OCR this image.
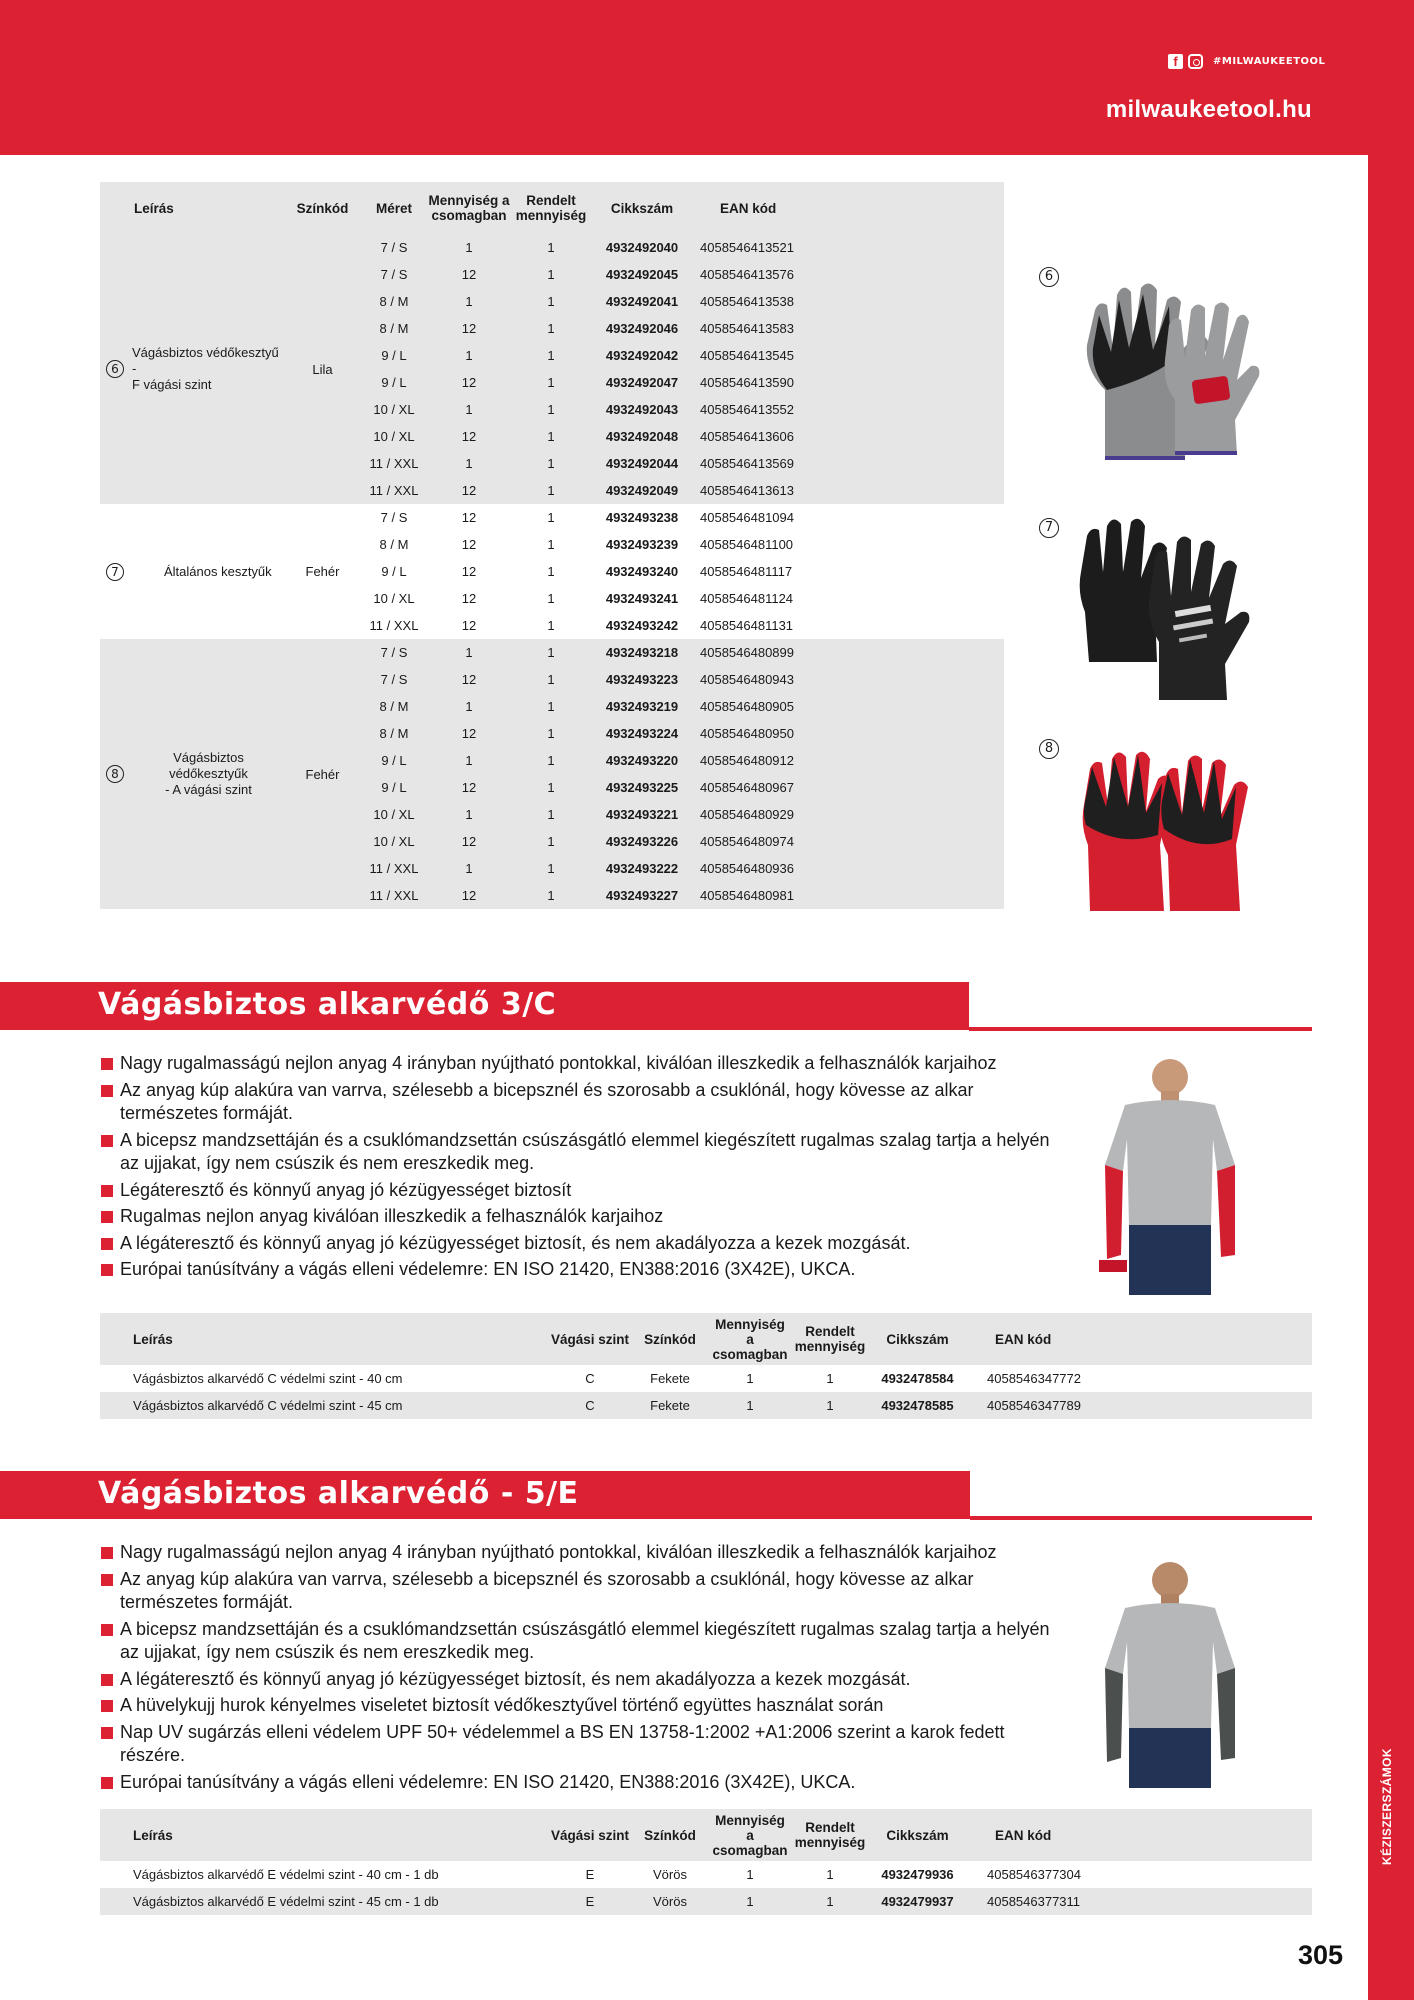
f	#MILWAUKEETOOL
milwaukeetool.hu
KÉZISZERSZÁMOK
Leírás	Színkód	Méret	Mennyiség a
csomagban	Rendelt
mennyiség	Cikkszám	EAN kód

6
Vágásbiztos védőkesztyű -
F vágási szint	Lila	7 / S	1	1	4932492040	4058546413521
		7 / S	12	1	4932492045	4058546413576
		8 / M	1	1	4932492041	4058546413538
		8 / M	12	1	4932492046	4058546413583
		9 / L	1	1	4932492042	4058546413545
		9 / L	12	1	4932492047	4058546413590
		10 / XL	1	1	4932492043	4058546413552
		10 / XL	12	1	4932492048	4058546413606
		11 / XXL	1	1	4932492044	4058546413569
		11 / XXL	12	1	4932492049	4058546413613

7 Általános kesztyűk	Fehér	7 / S	12	1	4932493238	4058546481094
		8 / M	12	1	4932493239	4058546481100
		9 / L	12	1	4932493240	4058546481117
		10 / XL	12	1	4932493241	4058546481124
		11 / XXL	12	1	4932493242	4058546481131

8
Vágásbiztos védőkesztyűk
- A vágási szint	Fehér	7 / S	1	1	4932493218	4058546480899
		7 / S	12	1	4932493223	4058546480943
		8 / M	1	1	4932493219	4058546480905
		8 / M	12	1	4932493224	4058546480950
		9 / L	1	1	4932493220	4058546480912
		9 / L	12	1	4932493225	4058546480967
		10 / XL	1	1	4932493221	4058546480929
		10 / XL	12	1	4932493226	4058546480974
		11 / XXL	1	1	4932493222	4058546480936
		11 / XXL	12	1	4932493227	4058546480981
6
7
8
Vágásbiztos alkarvédő 3/C
Nagy rugalmasságú nejlon anyag 4 irányban nyújtható pontokkal, kiválóan illeszkedik a felhasználók karjaihoz
Az anyag kúp alakúra van varrva, szélesebb a bicepsznél és szorosabb a csuklónál, hogy kövesse az alkar természetes formáját.
A bicepsz mandzsettáján és a csuklómandzsettán csúszásgátló elemmel kiegészített rugalmas szalag tartja a helyén az ujjakat, így nem csúszik és nem ereszkedik meg.
Légáteresztő és könnyű anyag jó kézügyességet biztosít
Rugalmas nejlon anyag kiválóan illeszkedik a felhasználók karjaihoz
A légáteresztő és könnyű anyag jó kézügyességet biztosít, és nem akadályozza a kezek mozgását.
Európai tanúsítvány a vágás elleni védelemre: EN ISO 21420, EN388:2016 (3X42E), UKCA.
Leírás	Vágási szint	Színkód	Mennyiség a
csomagban	Rendelt
mennyiség	Cikkszám	EAN kód
Vágásbiztos alkarvédő C védelmi szint - 40 cm	C	Fekete	1	1	4932478584	4058546347772
Vágásbiztos alkarvédő C védelmi szint - 45 cm	C	Fekete	1	1	4932478585	4058546347789
Vágásbiztos alkarvédő - 5/E
Nagy rugalmasságú nejlon anyag 4 irányban nyújtható pontokkal, kiválóan illeszkedik a felhasználók karjaihoz
Az anyag kúp alakúra van varrva, szélesebb a bicepsznél és szorosabb a csuklónál, hogy kövesse az alkar természetes formáját.
A bicepsz mandzsettáján és a csuklómandzsettán csúszásgátló elemmel kiegészített rugalmas szalag tartja a helyén az ujjakat, így nem csúszik és nem ereszkedik meg.
A légáteresztő és könnyű anyag jó kézügyességet biztosít, és nem akadályozza a kezek mozgását.
A hüvelykujj hurok kényelmes viseletet biztosít védőkesztyűvel történő együttes használat során
Nap UV sugárzás elleni védelem UPF 50+ védelemmel a BS EN 13758-1:2002 +A1:2006 szerint a karok fedett részére.
Európai tanúsítvány a vágás elleni védelemre: EN ISO 21420, EN388:2016 (3X42E), UKCA.
Leírás	Vágási szint	Színkód	Mennyiség a
csomagban	Rendelt
mennyiség	Cikkszám	EAN kód
Vágásbiztos alkarvédő E védelmi szint - 40 cm - 1 db	E	Vörös	1	1	4932479936	4058546377304
Vágásbiztos alkarvédő E védelmi szint - 45 cm - 1 db	E	Vörös	1	1	4932479937	4058546377311
305
